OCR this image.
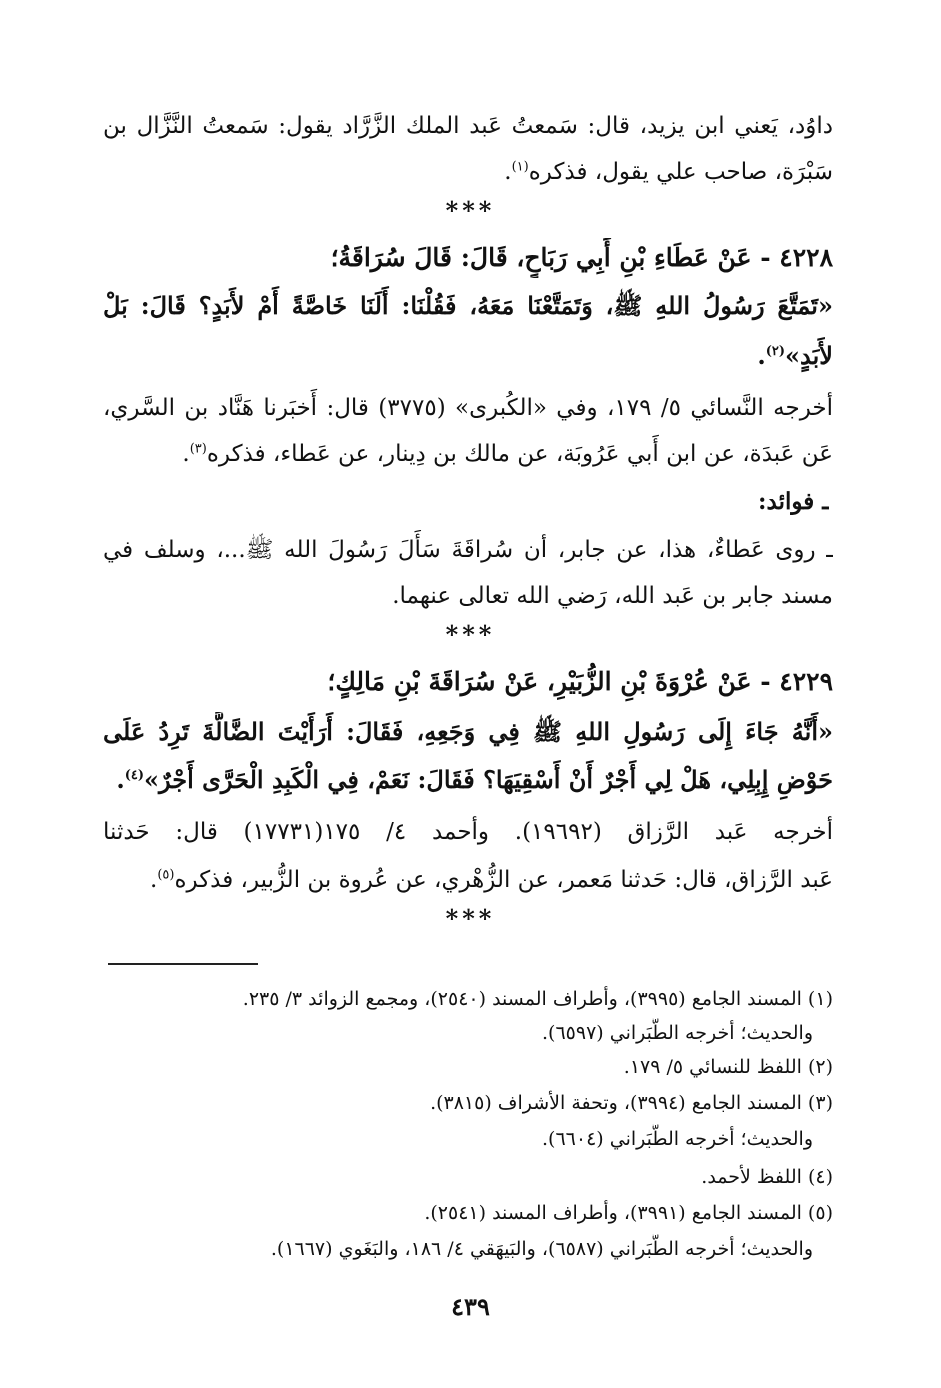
داوُد، يَعني ابن يزيد، قال: سَمعتُ عَبد الملك الزَّرَّاد يقول: سَمعتُ النَّزَّال بن
سَبْرَة، صاحب علي يقول، فذكره$^{(١)}$.
***
٤٢٢٨ - عَنْ عَطَاءِ بْنِ أَبِي رَبَاحٍ، قَالَ: قَالَ سُرَاقَةُ؛
«تَمَتَّعَ رَسُولُ اللهِ ﷺ، وَتَمَتَّعْنَا مَعَهُ، فَقُلْنَا: أَلَنَا خَاصَّةً أَمْ لأَبَدٍ؟ قَالَ: بَلْ
لأَبَدٍ»$^{(٢)}$.
أخرجه النَّسائي ٥/ ١٧٩، وفي «الكُبرى» (٣٧٧٥) قال: أَخبَرنا هَنَّاد بن السَّري،
عَن عَبدَة، عن ابن أَبي عَرُوبَة، عن مالك بن دِينار، عن عَطاء، فذكره$^{(٣)}$.
ـ فوائد:
ـ روى عَطاءٌ، هذا، عن جابر، أن سُراقَةَ سَأَلَ رَسُولَ الله ﷺ...، وسلف في
مسند جابر بن عَبد الله، رَضي الله تعالى عنهما.
***
٤٢٢٩ - عَنْ عُرْوَةَ بْنِ الزُّبَيْرِ، عَنْ سُرَاقَةَ بْنِ مَالِكٍ؛
«أَنَّهُ جَاءَ إِلَى رَسُولِ اللهِ ﷺ فِي وَجَعِهِ، فَقَالَ: أَرَأَيْتَ الضَّالَّةَ تَرِدُ عَلَى
حَوْضِ إِبِلِي، هَلْ لِي أَجْرٌ أَنْ أَسْقِيَهَا؟ فَقَالَ: نَعَمْ، فِي الْكَبِدِ الْحَرَّى أَجْرٌ»$^{(٤)}$.
أخرجه عَبد الرَّزاق (١٩٦٩٢). وأحمد ٤/ ١٧٥(١٧٧٣١) قال: حَدثنا
عَبد الرَّزاق، قال: حَدثنا مَعمر، عن الزُّهْري، عن عُروة بن الزُّبير، فذكره$^{(٥)}$.
***
(١) المسند الجامع (٣٩٩٥)، وأطراف المسند (٢٥٤٠)، ومجمع الزوائد ٣/ ٢٣٥.
والحديث؛ أخرجه الطَّبَراني (٦٥٩٧).
(٢) اللفظ للنسائي ٥/ ١٧٩.
(٣) المسند الجامع (٣٩٩٤)، وتحفة الأشراف (٣٨١٥).
والحديث؛ أخرجه الطَّبَراني (٦٦٠٤).
(٤) اللفظ لأحمد.
(٥) المسند الجامع (٣٩٩١)، وأطراف المسند (٢٥٤١).
والحديث؛ أخرجه الطَّبَراني (٦٥٨٧)، والبَيهَقي ٤/ ١٨٦، والبَغَوي (١٦٦٧).
٤٣٩
